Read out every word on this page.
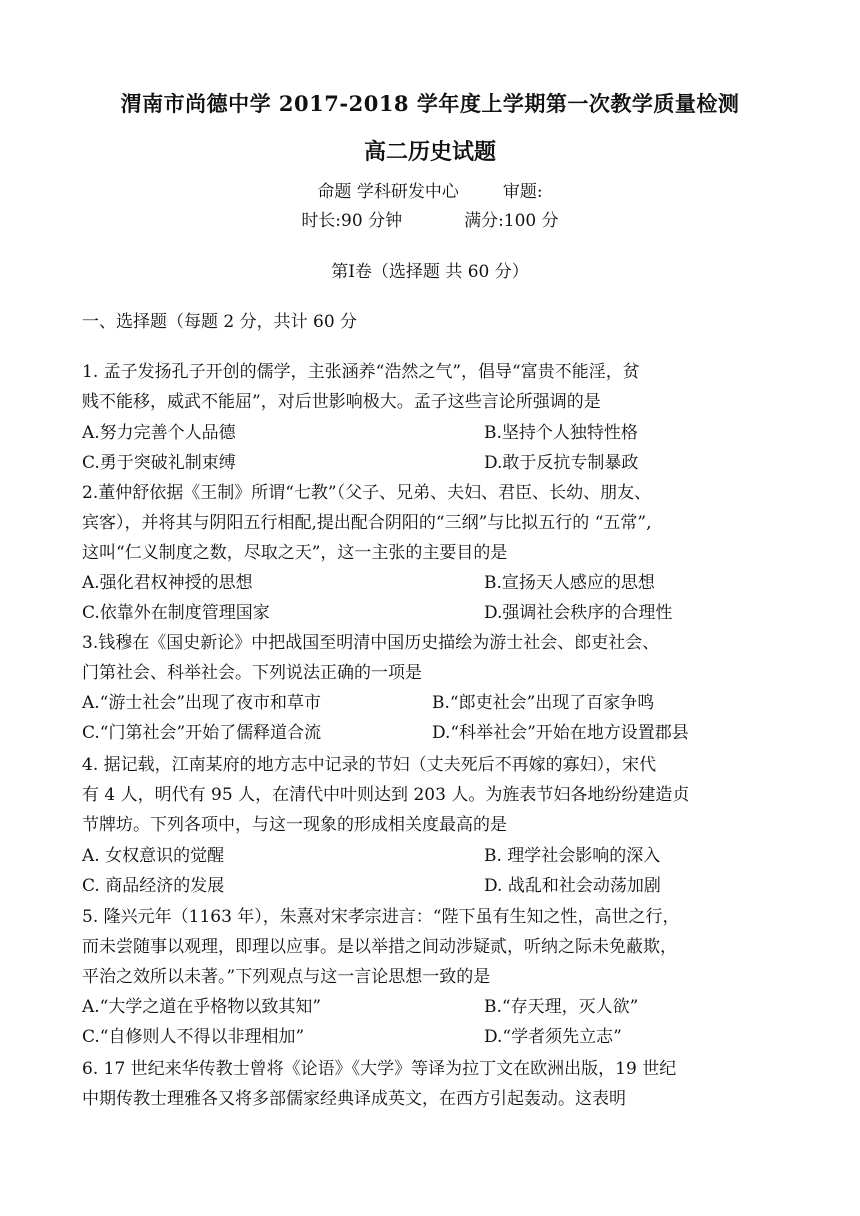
渭南市尚德中学 2017-2018 学年度上学期第一次教学质量检测
高二历史试题
命题 学科研发中心	审题:
时长:90 分钟	满分:100 分
第Ⅰ卷（选择题 共 60 分）
一、选择题（每题 2 分，共计 60 分
1. 孟子发扬孔子开创的儒学，主张涵养“浩然之气”，倡导“富贵不能淫，贫
贱不能移，威武不能屈”，对后世影响极大。孟子这些言论所强调的是
A.努力完善个人品德	B.坚持个人独特性格
C.勇于突破礼制束缚	D.敢于反抗专制暴政
2.董仲舒依据《王制》所谓“七教”（父子、兄弟、夫妇、君臣、长幼、朋友、
宾客），并将其与阴阳五行相配,提出配合阴阳的“三纲”与比拟五行的 “五常”,
这叫“仁义制度之数，尽取之天”，这一主张的主要目的是
A.强化君权神授的思想	B.宣扬天人感应的思想
C.依靠外在制度管理国家	D.强调社会秩序的合理性
3.钱穆在《国史新论》中把战国至明清中国历史描绘为游士社会、郎吏社会、
门第社会、科举社会。下列说法正确的一项是
A.“游士社会”出现了夜市和草市	B.“郎吏社会”出现了百家争鸣
C.“门第社会”开始了儒释道合流	D.“科举社会”开始在地方设置郡县
4. 据记载，江南某府的地方志中记录的节妇（丈夫死后不再嫁的寡妇），宋代
有 4 人，明代有 95 人，在清代中叶则达到 203 人。为旌表节妇各地纷纷建造贞
节牌坊。下列各项中，与这一现象的形成相关度最高的是
A. 女权意识的觉醒	B. 理学社会影响的深入
C. 商品经济的发展	D. 战乱和社会动荡加剧
5. 隆兴元年（1163 年），朱熹对宋孝宗进言：“陛下虽有生知之性，高世之行，
而未尝随事以观理，即理以应事。是以举措之间动涉疑贰，听纳之际未免蔽欺，
平治之效所以未著。”下列观点与这一言论思想一致的是
A.“大学之道在乎格物以致其知”	B.“存天理，灭人欲”
C.“自修则人不得以非理相加”	D.“学者须先立志”
6. 17 世纪来华传教士曾将《论语》《大学》等译为拉丁文在欧洲出版，19 世纪
中期传教士理雅各又将多部儒家经典译成英文，在西方引起轰动。这表明
